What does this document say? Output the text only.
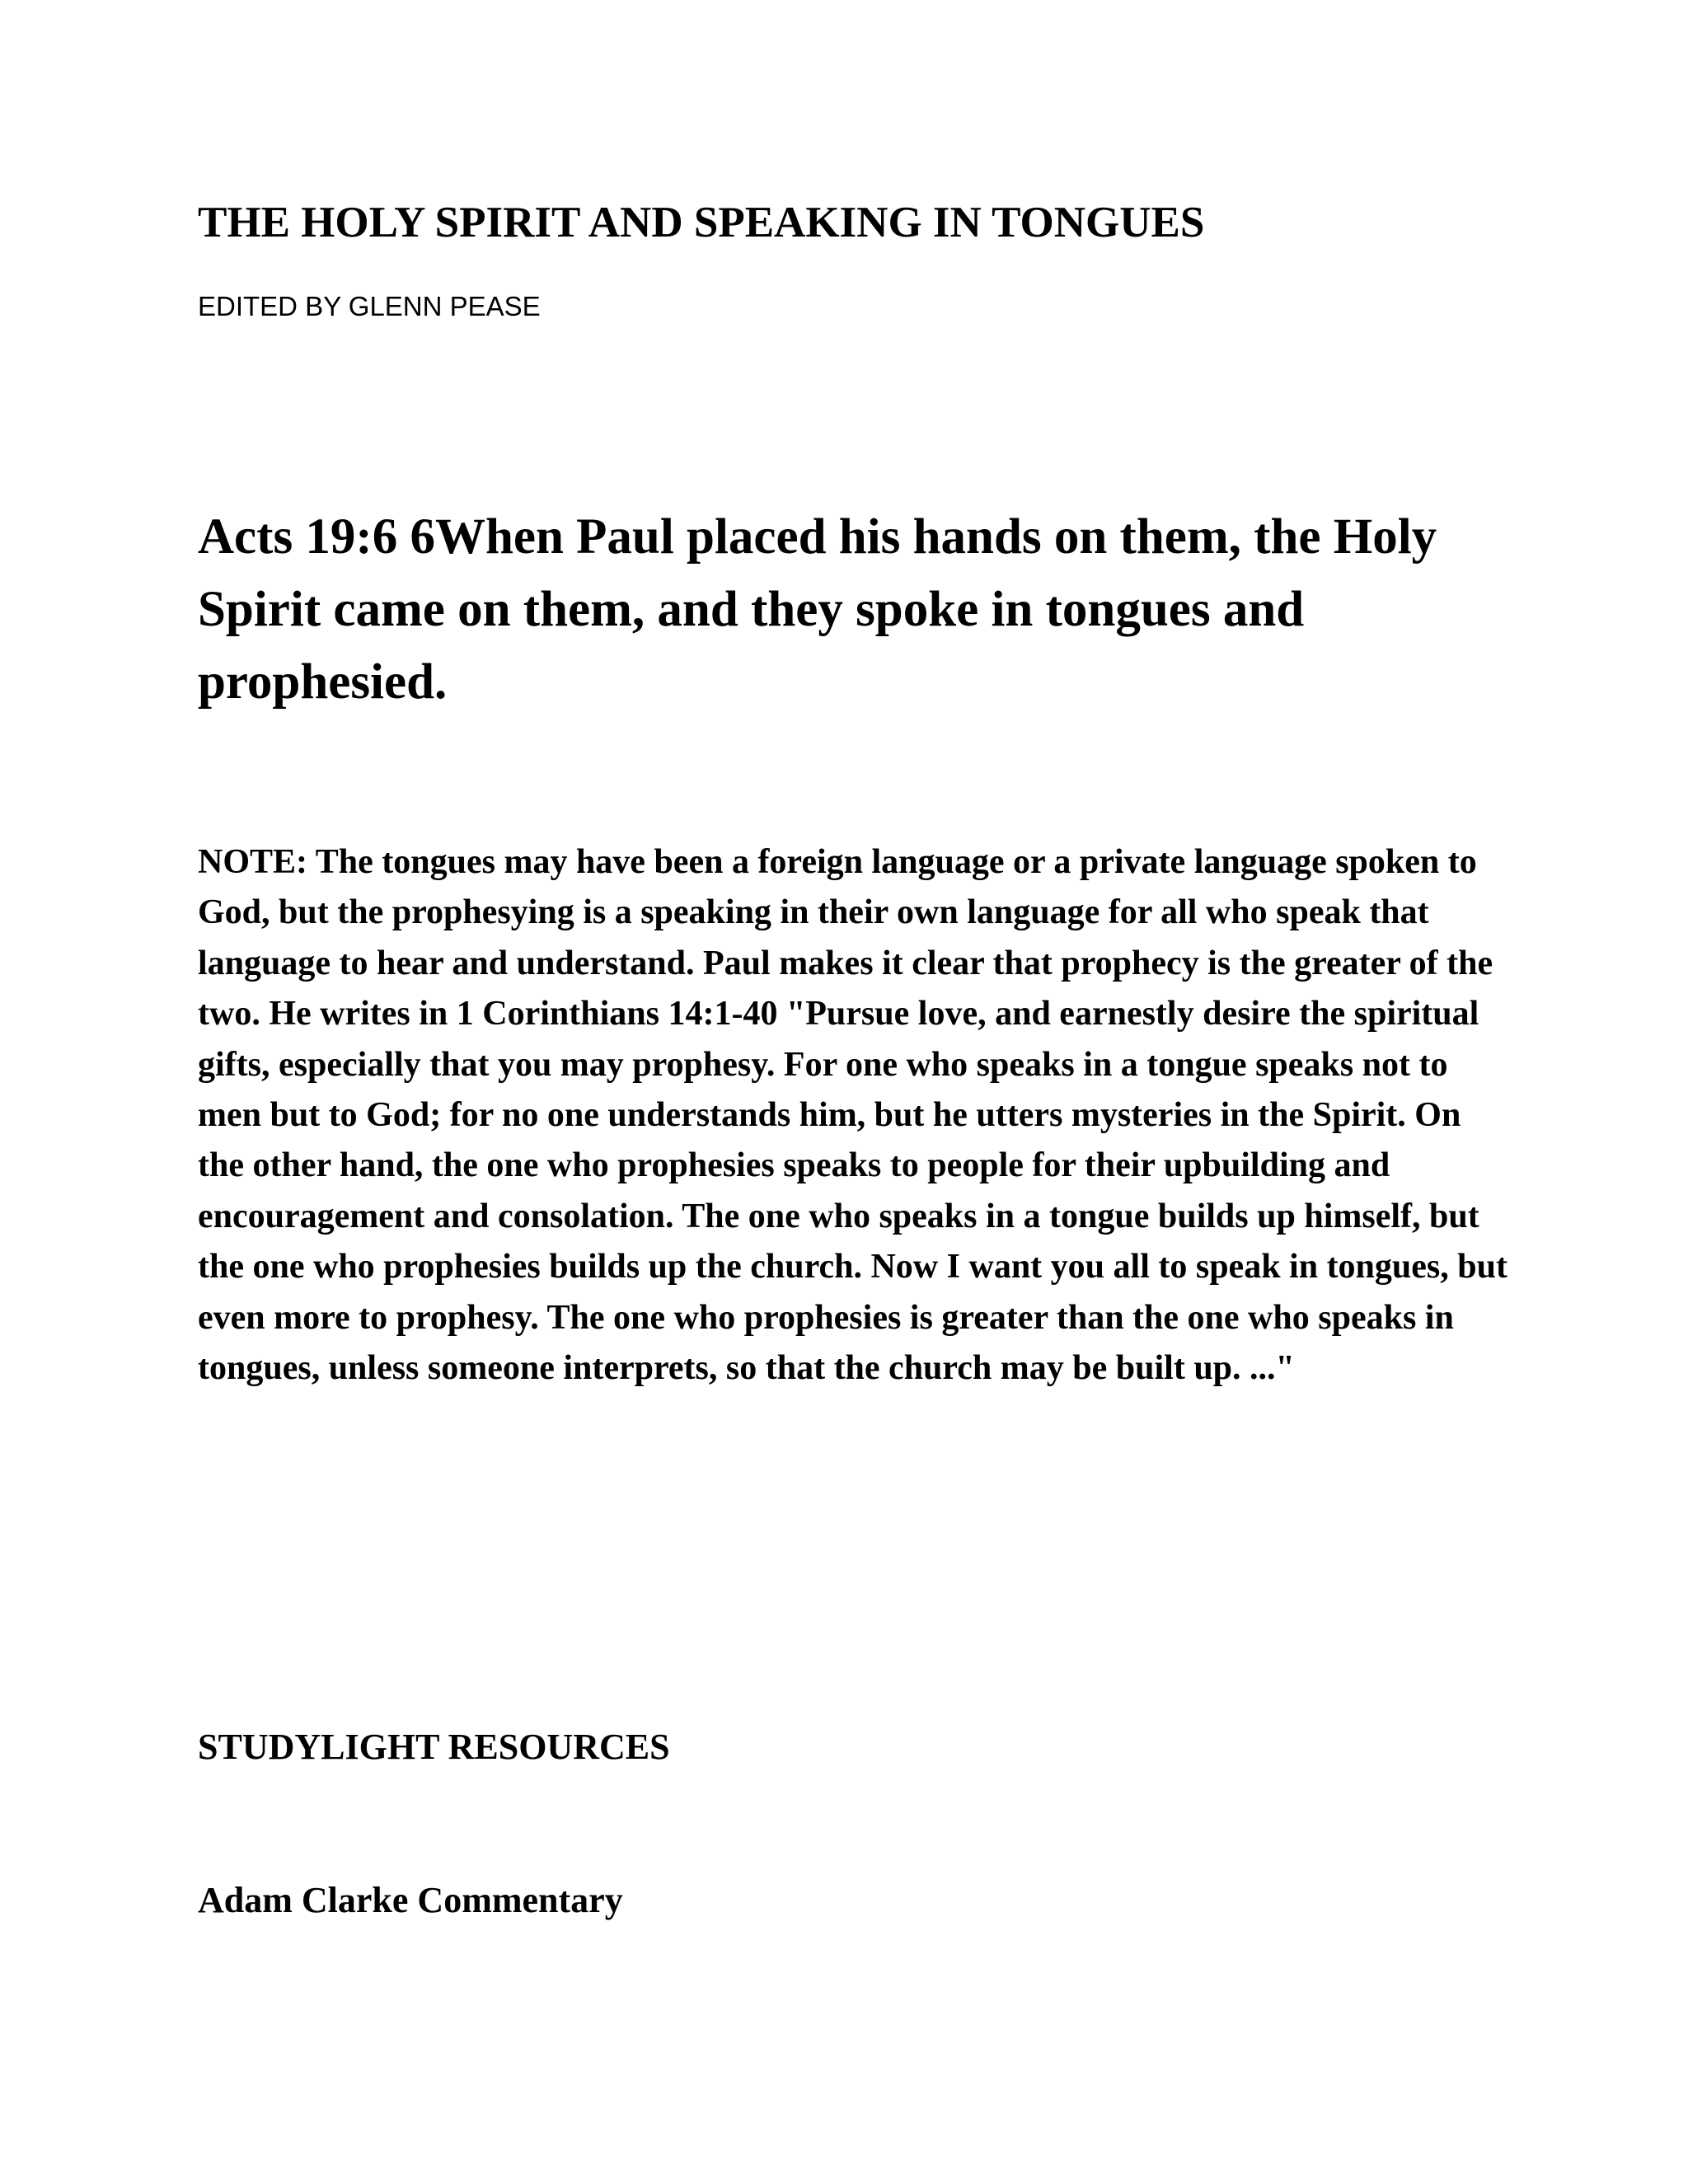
THE HOLY SPIRIT AND SPEAKING IN TONGUES

EDITED BY GLENN PEASE

Acts 19:6 6When Paul placed his hands on them, the Holy Spirit came on them, and they spoke in tongues and prophesied.

NOTE: The tongues may have been a foreign language or a private language spoken to God, but the prophesying is a speaking in their own language for all who speak that language to hear and understand. Paul makes it clear that prophecy is the greater of the two. He writes in 1 Corinthians 14:1-40 "Pursue love, and earnestly desire the spiritual gifts, especially that you may prophesy. For one who speaks in a tongue speaks not to men but to God; for no one understands him, but he utters mysteries in the Spirit. On the other hand, the one who prophesies speaks to people for their upbuilding and encouragement and consolation. The one who speaks in a tongue builds up himself, but the one who prophesies builds up the church. Now I want you all to speak in tongues, but even more to prophesy. The one who prophesies is greater than the one who speaks in tongues, unless someone interprets, so that the church may be built up. ..."

STUDYLIGHT RESOURCES
Adam Clarke Commentary
